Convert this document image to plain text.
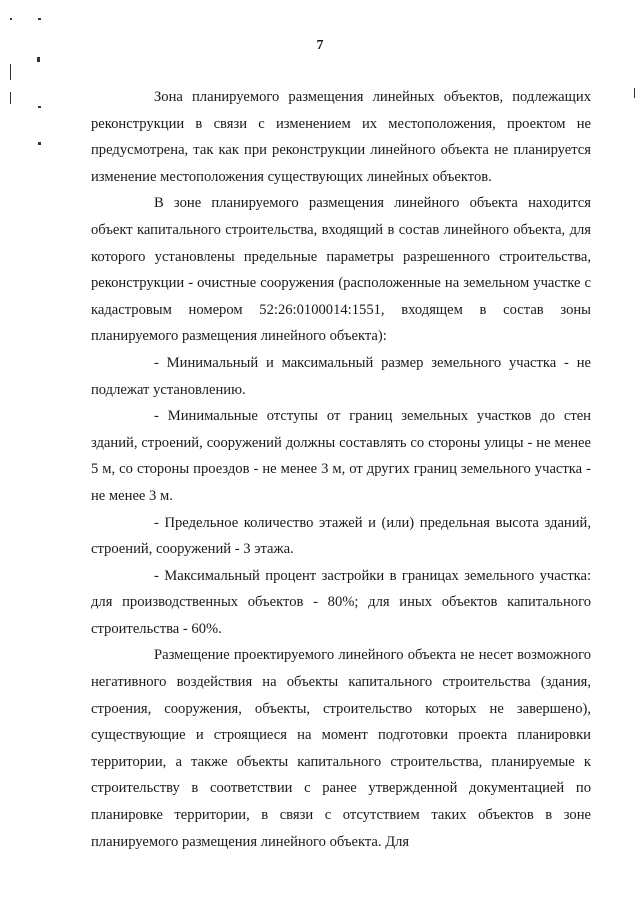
7

Зона планируемого размещения линейных объектов, подлежащих реконструкции в связи с изменением их местоположения, проектом не предусмотрена, так как при реконструкции линейного объекта не планируется изменение местоположения существующих линейных объектов.

В зоне планируемого размещения линейного объекта находится объект капитального строительства, входящий в состав линейного объекта, для которого установлены предельные параметры разрешенного строительства, реконструкции - очистные сооружения (расположенные на земельном участке с кадастровым номером 52:26:0100014:1551, входящем в состав зоны планируемого размещения линейного объекта):

- Минимальный и максимальный размер земельного участка - не подлежат установлению.

- Минимальные отступы от границ земельных участков до стен зданий, строений, сооружений должны составлять со стороны улицы - не менее 5 м, со стороны проездов - не менее 3 м, от других границ земельного участка - не менее 3 м.

- Предельное количество этажей и (или) предельная высота зданий, строений, сооружений - 3 этажа.

- Максимальный процент застройки в границах земельного участка: для производственных объектов - 80%; для иных объектов капитального строительства - 60%.

Размещение проектируемого линейного объекта не несет возможного негативного воздействия на объекты капитального строительства (здания, строения, сооружения, объекты, строительство которых не завершено), существующие и строящиеся на момент подготовки проекта планировки территории, а также объекты капитального строительства, планируемые к строительству в соответствии с ранее утвержденной документацией по планировке территории, в связи с отсутствием таких объектов в зоне планируемого размещения линейного объекта. Для
